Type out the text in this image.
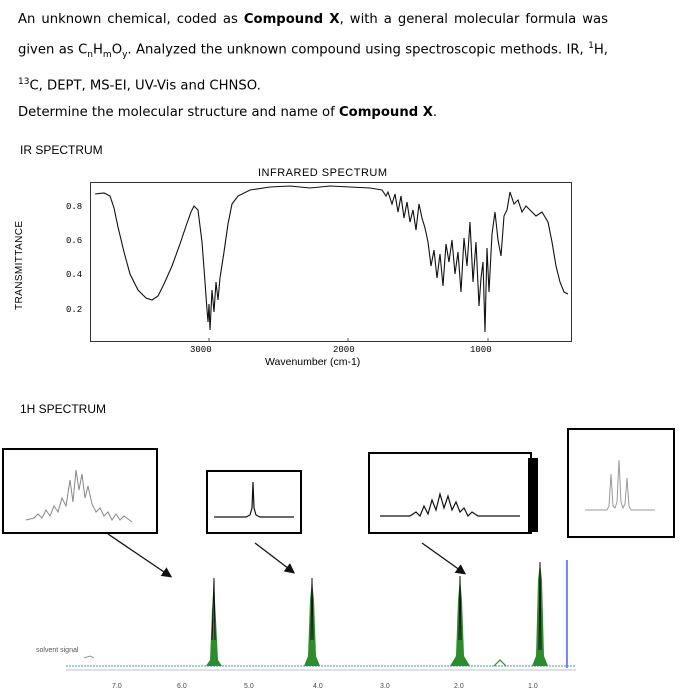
An unknown chemical, coded as Compound X, with a general molecular formula was given as $C_nH_mO_y$. Analyzed the unknown compound using spectroscopic methods. IR, $^1$H, $^{13}$C, DEPT, MS-EI, UV-Vis and CHNSO.

Determine the molecular structure and name of Compound X.

IR SPECTRUM
INFRARED SPECTRUM
TRANSMITTANCE
0.8
0.6
0.4
0.2
3000	2000	1000
Wavenumber (cm-1)
1H SPECTRUM
solvent signal
7.0	6.0	5.0	4.0	3.0	2.0	1.0
